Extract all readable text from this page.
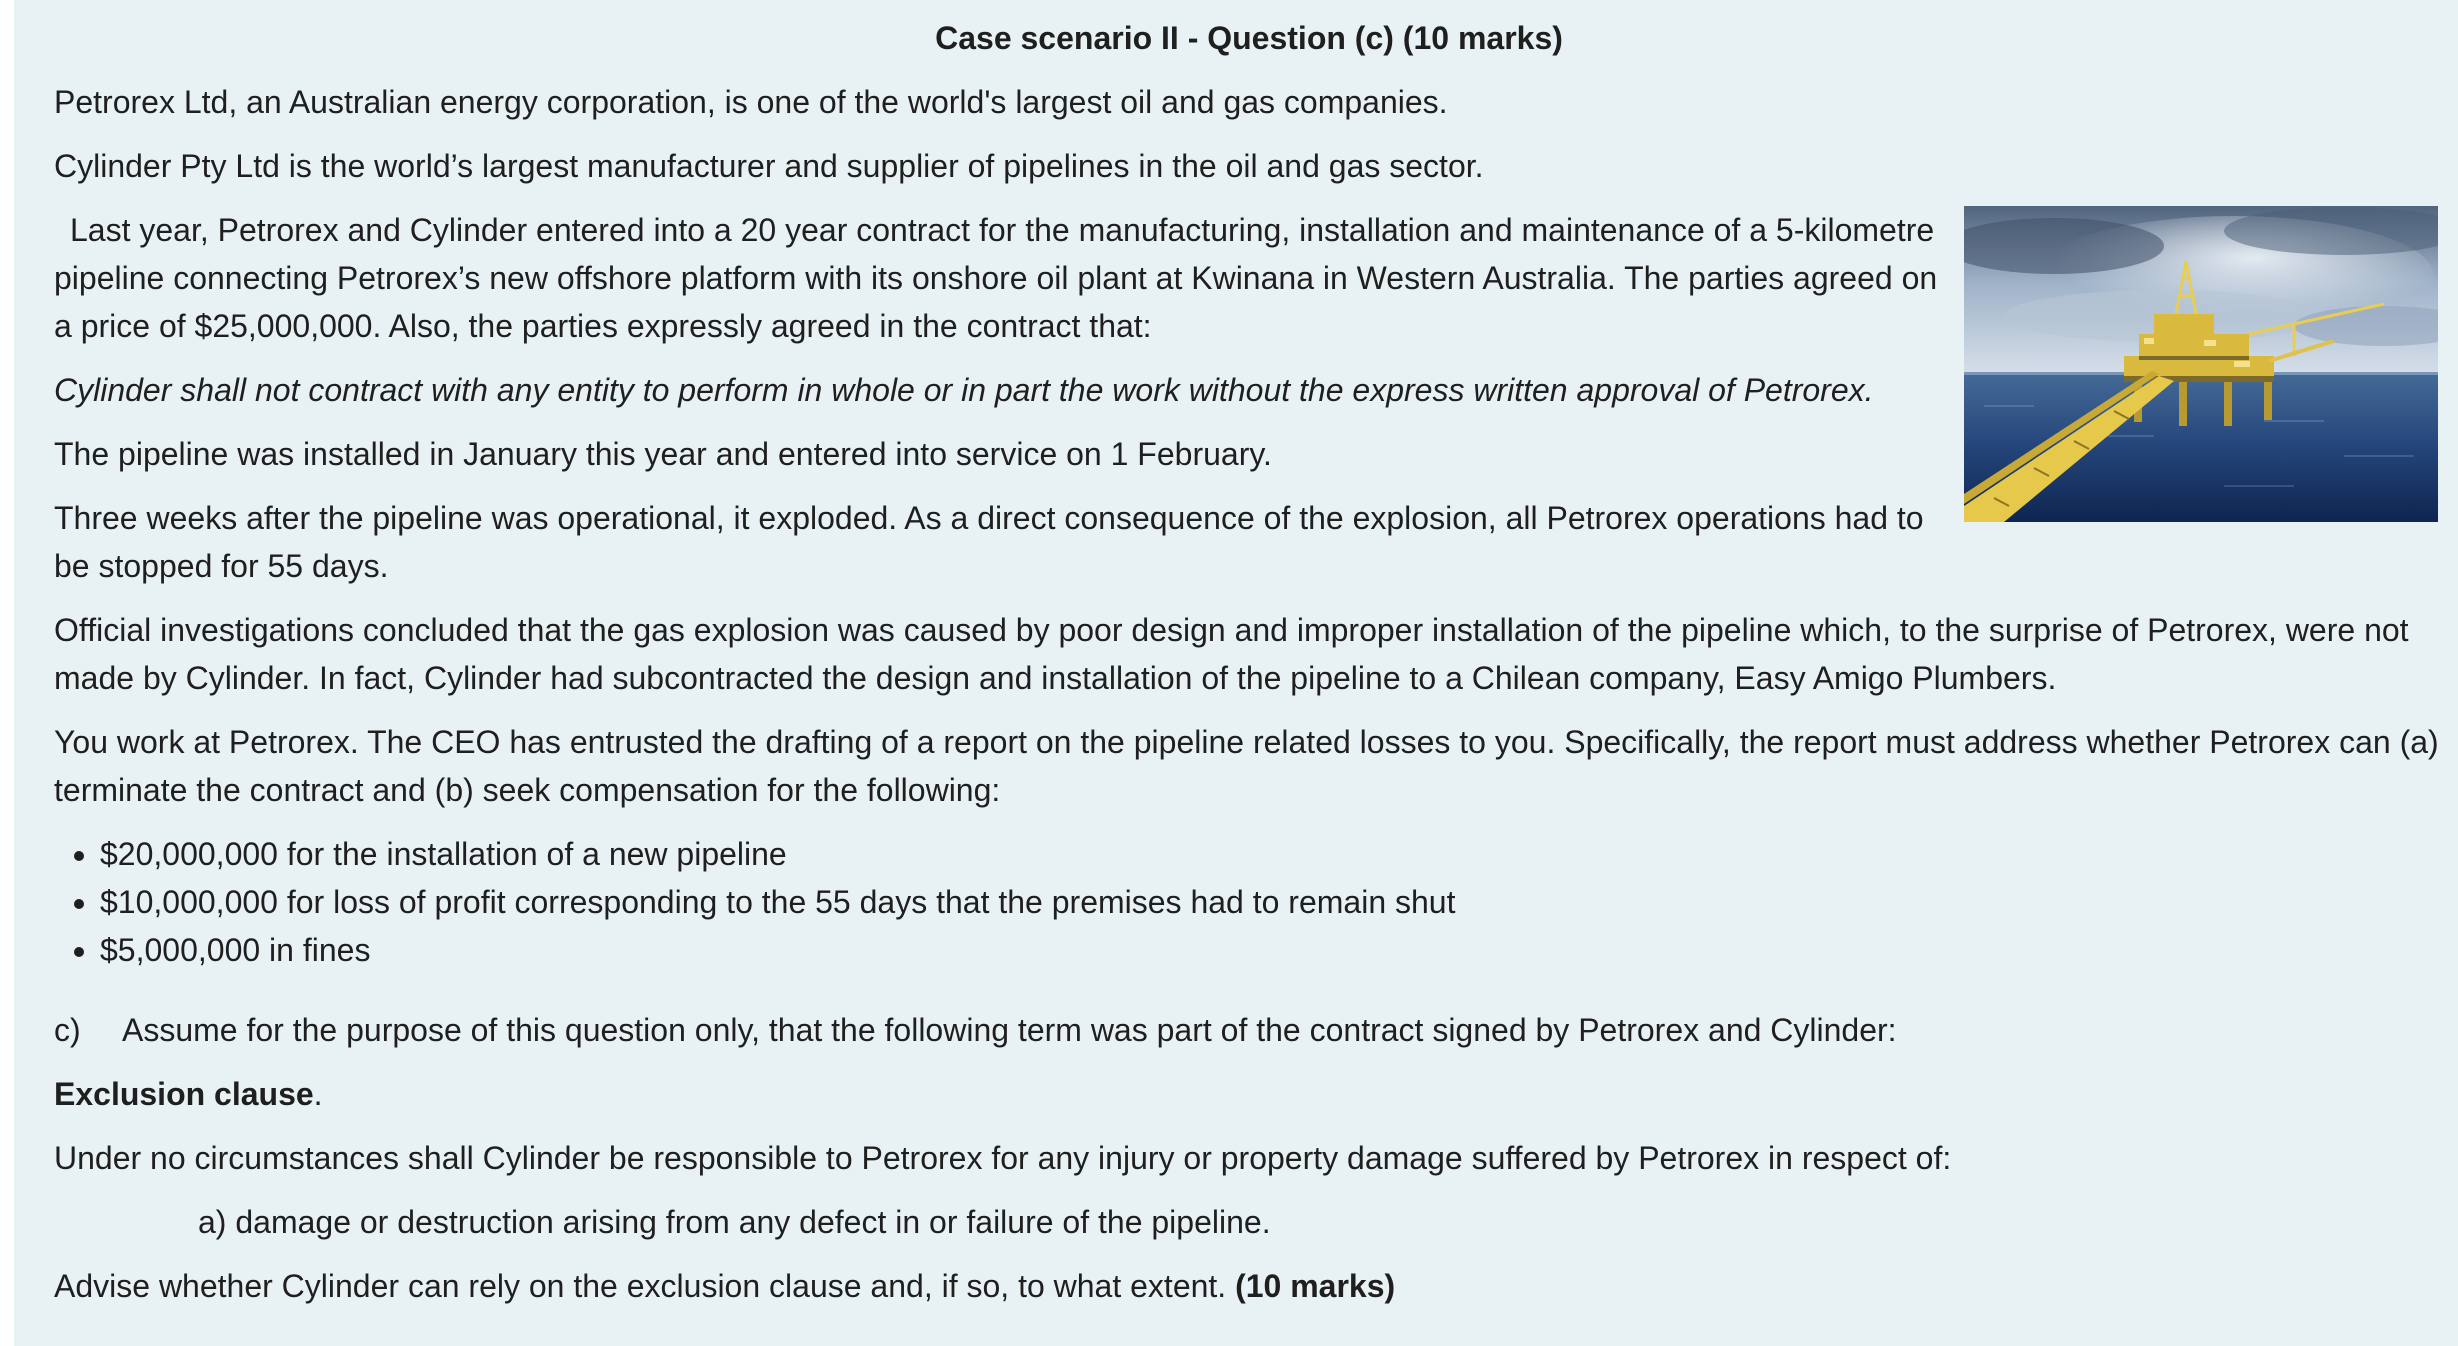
Case scenario II - Question (c) (10 marks)

Petrorex Ltd, an Australian energy corporation, is one of the world's largest oil and gas companies.

Cylinder Pty Ltd is the world’s largest manufacturer and supplier of pipelines in the oil and gas sector.

Last year, Petrorex and Cylinder entered into a 20 year contract for the manufacturing, installation and maintenance of a 5-kilometre pipeline connecting Petrorex’s new offshore platform with its onshore oil plant at Kwinana in Western Australia. The parties agreed on a price of $25,000,000. Also, the parties expressly agreed in the contract that:

Cylinder shall not contract with any entity to perform in whole or in part the work without the express written approval of Petrorex.

The pipeline was installed in January this year and entered into service on 1 February.

Three weeks after the pipeline was operational, it exploded. As a direct consequence of the explosion, all Petrorex operations had to be stopped for 55 days.

Official investigations concluded that the gas explosion was caused by poor design and improper installation of the pipeline which, to the surprise of Petrorex, were not made by Cylinder. In fact, Cylinder had subcontracted the design and installation of the pipeline to a Chilean company, Easy Amigo Plumbers.

You work at Petrorex. The CEO has entrusted the drafting of a report on the pipeline related losses to you. Specifically, the report must address whether Petrorex can (a) terminate the contract and (b) seek compensation for the following:

• $20,000,000 for the installation of a new pipeline
• $10,000,000 for loss of profit corresponding to the 55 days that the premises had to remain shut
• $5,000,000 in fines

c) Assume for the purpose of this question only, that the following term was part of the contract signed by Petrorex and Cylinder:

Exclusion clause.

Under no circumstances shall Cylinder be responsible to Petrorex for any injury or property damage suffered by Petrorex in respect of:

a) damage or destruction arising from any defect in or failure of the pipeline.

Advise whether Cylinder can rely on the exclusion clause and, if so, to what extent. (10 marks)
